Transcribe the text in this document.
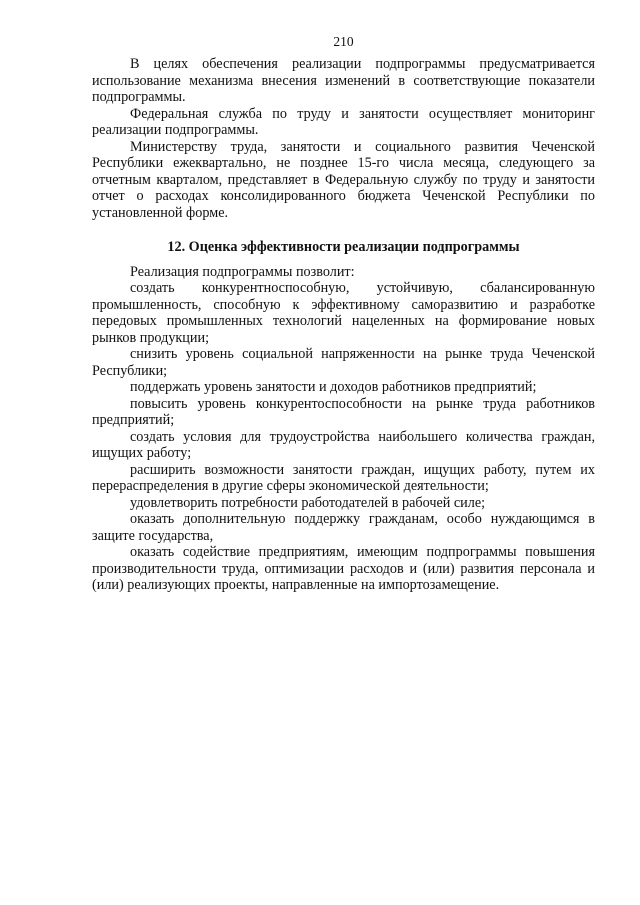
210

В целях обеспечения реализации подпрограммы предусматривается использование механизма внесения изменений в соответствующие показатели подпрограммы.

Федеральная служба по труду и занятости осуществляет мониторинг реализации подпрограммы.

Министерству труда, занятости и социального развития Чеченской Республики ежеквартально, не позднее 15-го числа месяца, следующего за отчетным кварталом, представляет в Федеральную службу по труду и занятости отчет о расходах консолидированного бюджета Чеченской Республики по установленной форме.

12. Оценка эффективности реализации подпрограммы

Реализация подпрограммы позволит:

создать конкурентноспособную, устойчивую, сбалансированную промышленность, способную к эффективному саморазвитию и разработке передовых промышленных технологий нацеленных на формирование новых рынков продукции;

снизить уровень социальной напряженности на рынке труда Чеченской Республики;

поддержать уровень занятости и доходов работников предприятий;

повысить уровень конкурентоспособности на рынке труда работников предприятий;

создать условия для трудоустройства наибольшего количества граждан, ищущих работу;

расширить возможности занятости граждан, ищущих работу, путем их перераспределения в другие сферы экономической деятельности;

удовлетворить потребности работодателей в рабочей силе;

оказать дополнительную поддержку гражданам, особо нуждающимся в защите государства,

оказать содействие предприятиям, имеющим подпрограммы повышения производительности труда, оптимизации расходов и (или) развития персонала и (или) реализующих проекты, направленные на импортозамещение.
